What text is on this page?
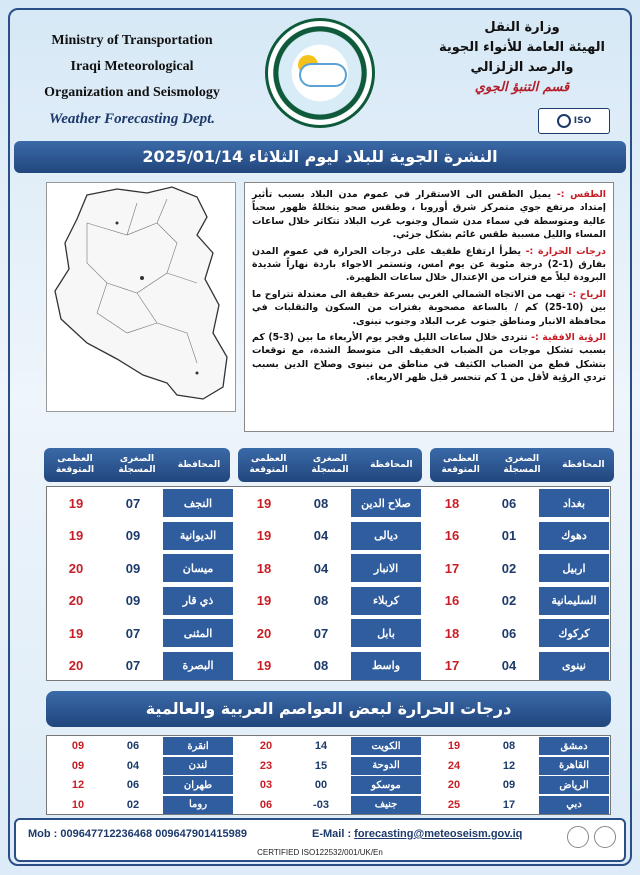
Ministry of Transportation
Iraqi Meteorological
Organization and Seismology
Weather Forecasting Dept.
وزارة النقل
الهيئة العامة للأنواء الجوية
والرصد الزلزالي
قسم التنبؤ الجوي
ISO
النشرة الجوية للبلاد ليوم الثلاثاء 2025/01/14

الطقس :- يميل الطقس الى الاستقرار في عموم مدن البلاد بسبب تأثير إمتداد مرتفع جوي متمركز شرق أوروبا ، وطقس صحو يتخللهُ ظهور سحباً عالية ومتوسطة في سماء مدن شمال وجنوب غرب البلاد تتكاثر خلال ساعات المساء والليل مسببة طقس غائم بشكل جزئي.

درجات الحرارة :- يطرأ ارتفاع طفيف على درجات الحرارة في عموم المدن بفارق (1-2) درجة مئوية عن يوم امس، وتستمر الاجواء باردة نهاراً شديدة البرودة ليلاً مع فترات من الإعتدال خلال ساعات الظهيرة.

الرياح :- تهب من الاتجاه الشمالي الغربي بسرعة خفيفة الى معتدلة تتراوح ما بين (10-25) كم / بالساعة مصحوبة بفترات من السكون والتقلبات في محافظة الانبار ومناطق جنوب غرب البلاد وجنوب نينوى.

الرؤية الافقية :- تتردى خلال ساعات الليل وفجر يوم الأربعاء ما بين (3-5) كم بسبب تشكل موجات من الضباب الخفيف الى متوسط الشدة، مع توقعات بتشكل قطع من الضباب الكثيف في مناطق من نينوى وصلاح الدين بسبب تردي الرؤية لأقل من 1 كم تنحسر قبل ظهر الاربعاء.

المحافظة
الصغرى المسجلة
العظمى المتوقعة
المحافظة
الصغرى المسجلة
العظمى المتوقعة
المحافظة
الصغرى المسجلة
العظمى المتوقعة
18	06	بغداد
16	01	دهوك
17	02	اربيل
16	02	السليمانية
18	06	كركوك
17	04	نينوى
19	08	صلاح الدين
19	04	ديالى
18	04	الانبار
19	08	كربلاء
20	07	بابل
19	08	واسط
19	07	النجف
19	09	الديوانية
20	09	ميسان
20	09	ذي قار
19	07	المثنى
20	07	البصرة
درجات الحرارة لبعض العواصم العربية والعالمية
19	08	دمشق
24	12	القاهرة
20	09	الرياض
25	17	دبي
20	14	الكويت
23	15	الدوحة
03	00	موسكو
06	-03	جنيف
09	06	انقرة
09	04	لندن
12	06	طهران
10	02	روما
Mob : 009647712236468 009647901415989	E-Mail : forecasting@meteoseism.gov.iq
CERTIFIED ISO122532/001/UK/En
